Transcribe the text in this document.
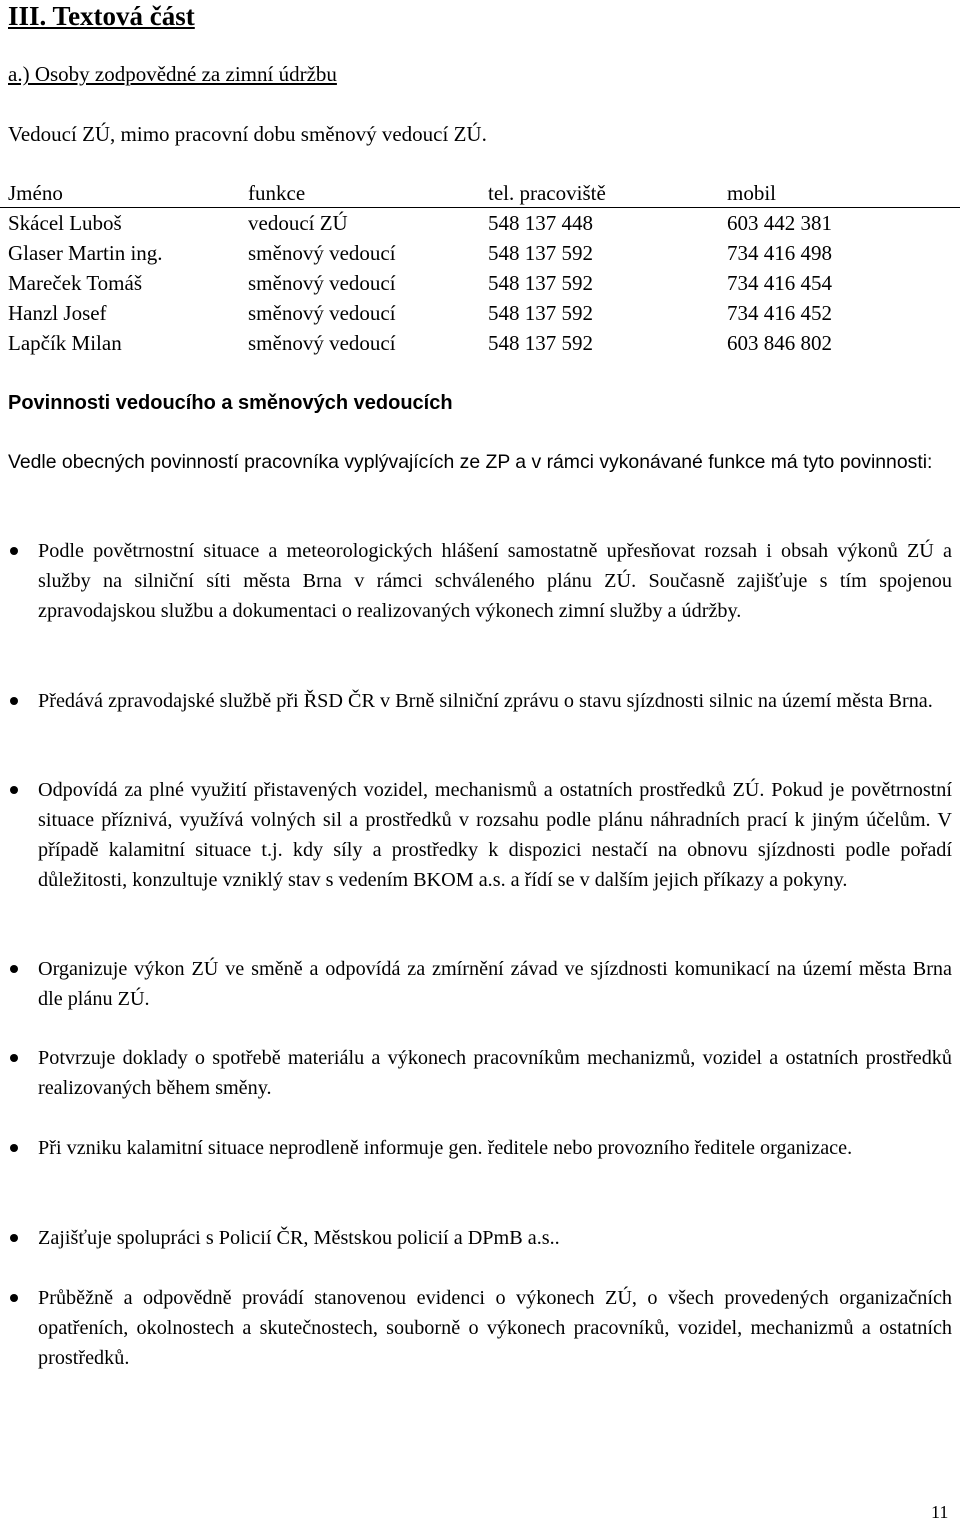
III. Textová část
a.) Osoby zodpovědné za zimní údržbu
Vedoucí ZÚ, mimo pracovní dobu směnový vedoucí ZÚ.
Jméno	funkce	tel. pracoviště	mobil
Skácel Luboš	vedoucí ZÚ	548 137 448	603 442 381
Glaser Martin ing.	směnový vedoucí	548 137 592	734 416 498
Mareček Tomáš	směnový vedoucí	548 137 592	734 416 454
Hanzl Josef	směnový vedoucí	548 137 592	734 416 452
Lapčík Milan	směnový vedoucí	548 137 592	603 846 802
Povinnosti vedoucího a směnových vedoucích
Vedle obecných povinností pracovníka vyplývajících ze ZP a v rámci vykonávané funkce má tyto povinnosti:
Podle povětrnostní situace a meteorologických hlášení samostatně upřesňovat rozsah i obsah výkonů ZÚ a služby na silniční síti města Brna v rámci schváleného plánu ZÚ. Současně zajišťuje s tím spojenou zpravodajskou službu a dokumentaci o realizovaných výkonech zimní služby a údržby.
Předává zpravodajské službě při ŘSD ČR v Brně silniční zprávu o stavu sjízdnosti silnic na území města Brna.
Odpovídá za plné využití přistavených vozidel, mechanismů a ostatních prostředků ZÚ. Pokud je povětrnostní situace příznivá, využívá volných sil a prostředků v rozsahu podle plánu náhradních prací k jiným účelům. V případě kalamitní situace t.j. kdy síly a prostředky k dispozici nestačí na obnovu sjízdnosti podle pořadí důležitosti, konzultuje vzniklý stav s vedením BKOM a.s. a řídí se v dalším jejich příkazy a pokyny.
Organizuje výkon ZÚ ve směně a odpovídá za zmírnění závad ve sjízdnosti komunikací na území města Brna dle plánu ZÚ.
Potvrzuje doklady o spotřebě materiálu a výkonech pracovníkům mechanizmů, vozidel a ostatních prostředků realizovaných během směny.
Při vzniku kalamitní situace neprodleně informuje gen. ředitele nebo provozního ředitele organizace.
Zajišťuje spolupráci s Policií ČR, Městskou policií a DPmB a.s..
Průběžně a odpovědně provádí stanovenou evidenci o výkonech ZÚ, o všech provedených organizačních opatřeních, okolnostech a skutečnostech, souborně o výkonech pracovníků, vozidel, mechanizmů a ostatních prostředků.
11
